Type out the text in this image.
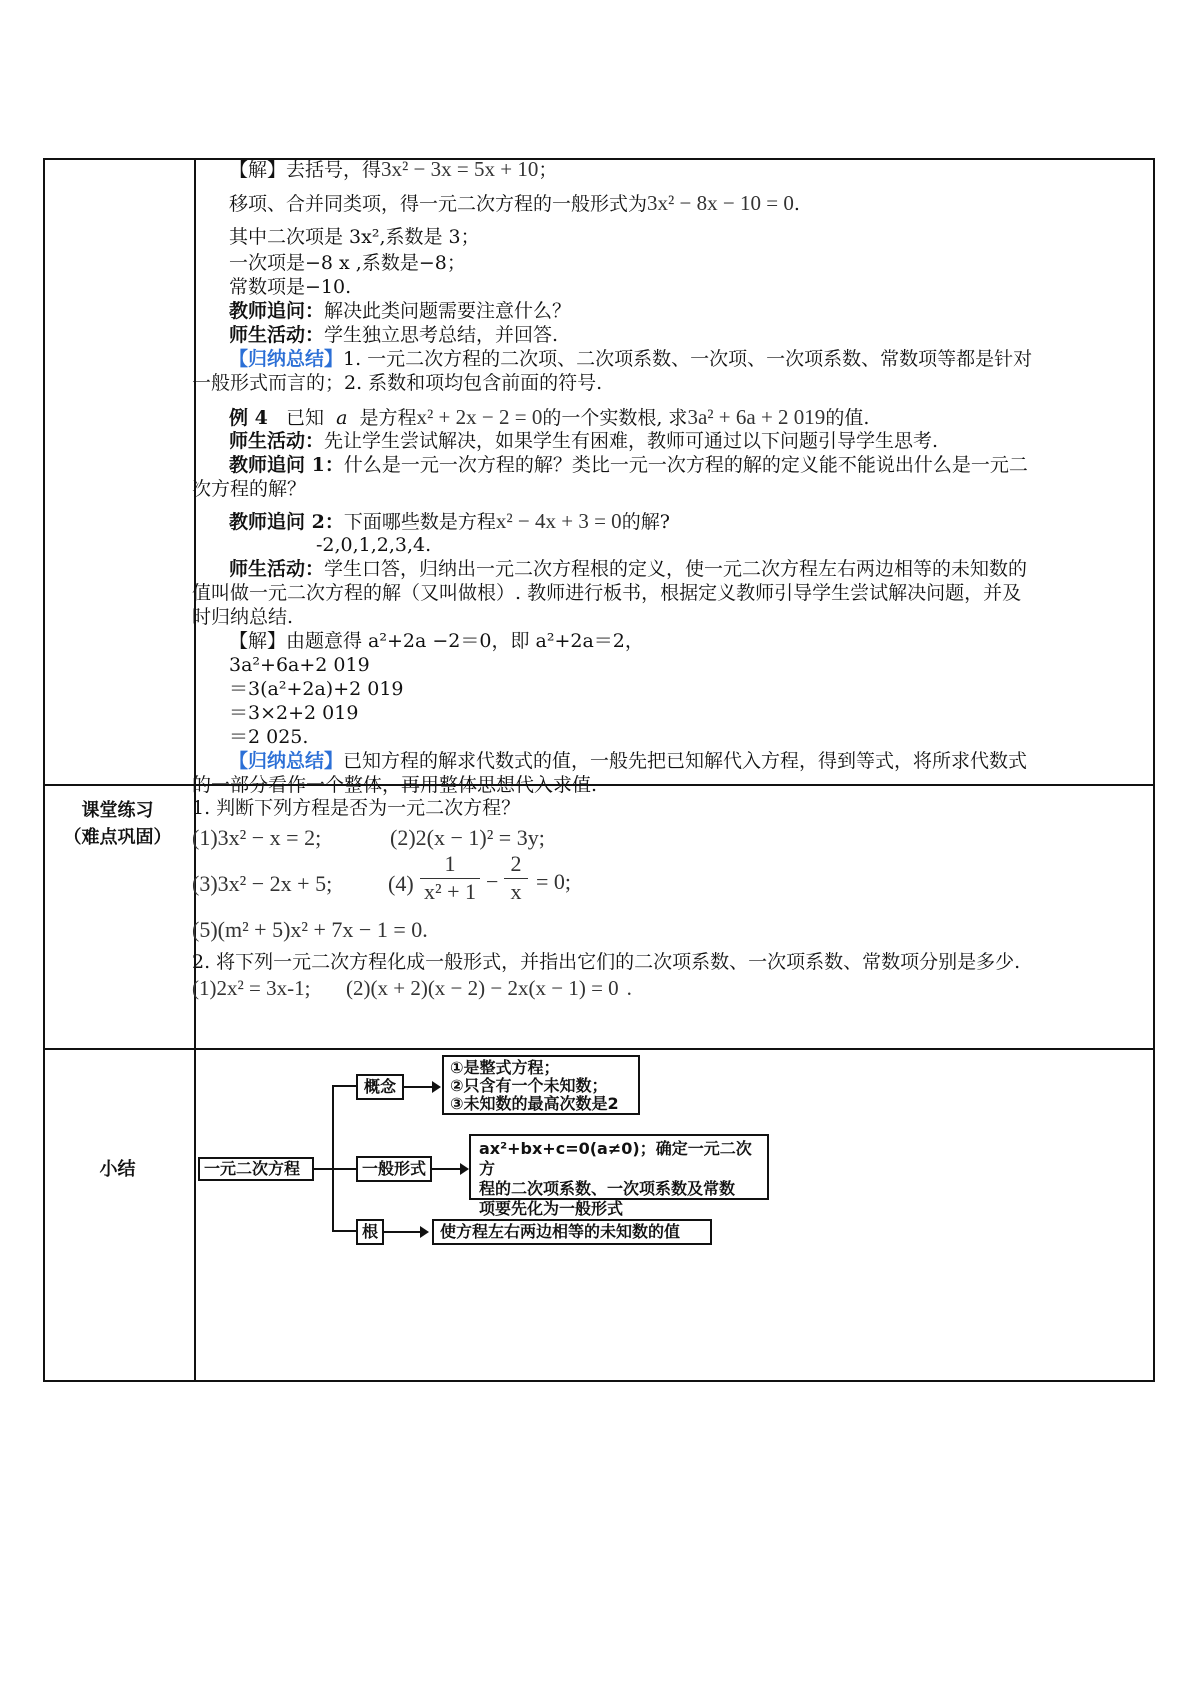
【解】去括号，得3x² − 3x = 5x + 10；
移项、合并同类项，得一元二次方程的一般形式为3x² − 8x − 10 = 0.
其中二次项是 3x²,系数是 3；
一次项是−8 x ,系数是−8；
常数项是−10.
教师追问：解决此类问题需要注意什么？
师生活动：学生独立思考总结，并回答.
【归纳总结】1. 一元二次方程的二次项、二次项系数、一次项、一次项系数、常数项等都是针对
一般形式而言的；2. 系数和项均包含前面的符号.
例 4 已知 a 是方程x² + 2x − 2 = 0的一个实数根, 求3a² + 6a + 2 019的值.
师生活动：先让学生尝试解决，如果学生有困难，教师可通过以下问题引导学生思考.
教师追问 1：什么是一元一次方程的解？类比一元一次方程的解的定义能不能说出什么是一元二
次方程的解？
教师追问 2：下面哪些数是方程x² − 4x + 3 = 0的解?
-2,0,1,2,3,4.
师生活动：学生口答，归纳出一元二次方程根的定义，使一元二次方程左右两边相等的未知数的
值叫做一元二次方程的解（又叫做根）. 教师进行板书，根据定义教师引导学生尝试解决问题，并及
时归纳总结.
【解】由题意得 a²+2a −2＝0，即 a²+2a＝2，
3a²+6a+2 019
＝3(a²+2a)+2 019
＝3×2+2 019
＝2 025.
【归纳总结】已知方程的解求代数式的值，一般先把已知解代入方程，得到等式，将所求代数式
的一部分看作一个整体，再用整体思想代入求值.
课堂练习
（难点巩固）
1. 判断下列方程是否为一元二次方程？
(1)3x² − x = 2;	(2)2(x − 1)² = 3y;
(3)3x² − 2x + 5;	(4)
1
x² + 1 −
2
x = 0;
(5)(m² + 5)x² + 7x − 1 = 0.
2. 将下列一元二次方程化成一般形式，并指出它们的二次项系数、一次项系数、常数项分别是多少.
(1)2x² = 3x-1; (2)(x + 2)(x − 2) − 2x(x − 1) = 0 .
小结	一元二次方程
概念
一般形式
根
①是整式方程；
②只含有一个未知数；
③未知数的最高次数是2
ax²+bx+c=0(a≠0)；确定一元二次方
程的二次项系数、一次项系数及常数
项要先化为一般形式
使方程左右两边相等的未知数的值
